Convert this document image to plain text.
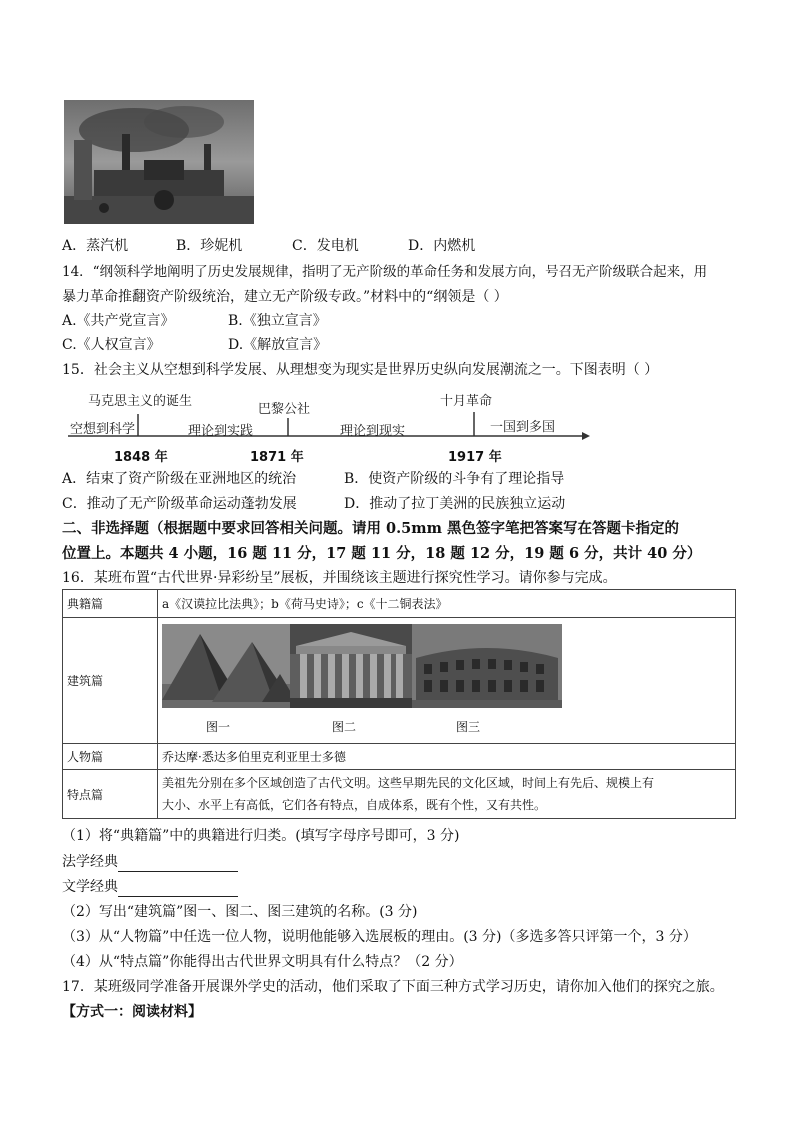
A．蒸汽机	B．珍妮机	C．发电机	D．内燃机
14．“纲领科学地阐明了历史发展规律，指明了无产阶级的革命任务和发展方向，号召无产阶级联合起来，用
暴力革命推翻资产阶级统治，建立无产阶级专政。”材料中的“纲领是（ ）
A.《共产党宣言》	B.《独立宣言》
C.《人权宣言》	D.《解放宣言》
15．社会主义从空想到科学发展、从理想变为现实是世界历史纵向发展潮流之一。下图表明（ ）
马克思主义的诞生
巴黎公社
十月革命
空想到科学	理论到实践	理论到现实	一国到多国
1848 年	1871 年	1917 年
A．结束了资产阶级在亚洲地区的统治	B．使资产阶级的斗争有了理论指导
C．推动了无产阶级革命运动蓬勃发展	D．推动了拉丁美洲的民族独立运动
二、非选择题（根据题中要求回答相关问题。请用 0.5mm 黑色签字笔把答案写在答题卡指定的
位置上。本题共 4 小题，16 题 11 分，17 题 11 分，18 题 12 分，19 题 6 分，共计 40 分）
16．某班布置“古代世界·异彩纷呈”展板，并围绕该主题进行探究性学习。请你参与完成。
典籍篇	a《汉谟拉比法典》；b《荷马史诗》；c《十二铜表法》
建筑篇	图一 图二 图三

人物篇	乔达摩·悉达多伯里克利亚里士多德
特点篇	美祖先分别在多个区域创造了古代文明。这些早期先民的文化区域，时间上有先后、规模上有
大小、水平上有高低，它们各有特点，自成体系，既有个性，又有共性。
（1）将“典籍篇”中的典籍进行归类。(填写字母序号即可，3 分)
法学经典
文学经典
（2）写出“建筑篇”图一、图二、图三建筑的名称。(3 分)
（3）从“人物篇”中任选一位人物，说明他能够入选展板的理由。(3 分)（多选多答只评第一个，3 分）
（4）从“特点篇”你能得出古代世界文明具有什么特点？（2 分）
17．某班级同学准备开展课外学史的活动，他们采取了下面三种方式学习历史，请你加入他们的探究之旅。
【方式一：阅读材料】
